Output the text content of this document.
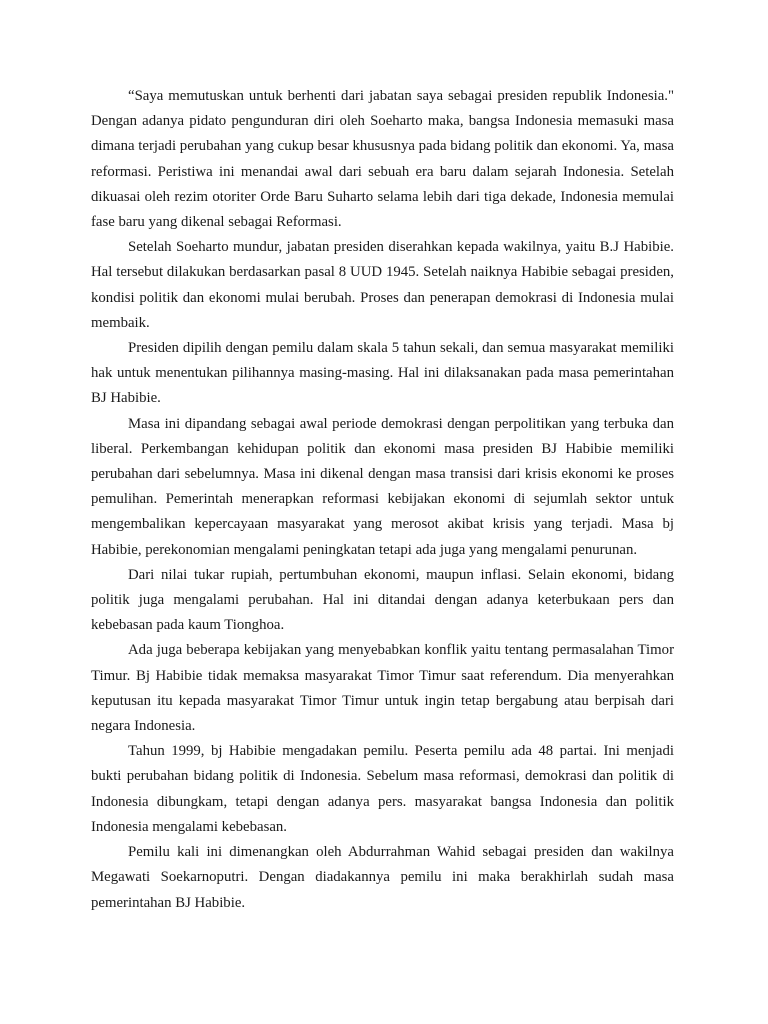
“Saya memutuskan untuk berhenti dari jabatan saya sebagai presiden republik Indonesia." Dengan adanya pidato pengunduran diri oleh Soeharto maka, bangsa Indonesia memasuki masa dimana terjadi perubahan yang cukup besar khususnya pada bidang politik dan ekonomi. Ya, masa reformasi. Peristiwa ini menandai awal dari sebuah era baru dalam sejarah Indonesia. Setelah dikuasai oleh rezim otoriter Orde Baru Suharto selama lebih dari tiga dekade, Indonesia memulai fase baru yang dikenal sebagai Reformasi.

Setelah Soeharto mundur, jabatan presiden diserahkan kepada wakilnya, yaitu B.J Habibie. Hal tersebut dilakukan berdasarkan pasal 8 UUD 1945. Setelah naiknya Habibie sebagai presiden, kondisi politik dan ekonomi mulai berubah. Proses dan penerapan demokrasi di Indonesia mulai membaik.

Presiden dipilih dengan pemilu dalam skala 5 tahun sekali, dan semua masyarakat memiliki hak untuk menentukan pilihannya masing-masing. Hal ini dilaksanakan pada masa pemerintahan BJ Habibie.

Masa ini dipandang sebagai awal periode demokrasi dengan perpolitikan yang terbuka dan liberal. Perkembangan kehidupan politik dan ekonomi masa presiden BJ Habibie memiliki perubahan dari sebelumnya. Masa ini dikenal dengan masa transisi dari krisis ekonomi ke proses pemulihan. Pemerintah menerapkan reformasi kebijakan ekonomi di sejumlah sektor untuk mengembalikan kepercayaan masyarakat yang merosot akibat krisis yang terjadi. Masa bj Habibie, perekonomian mengalami peningkatan tetapi ada juga yang mengalami penurunan.

Dari nilai tukar rupiah, pertumbuhan ekonomi, maupun inflasi. Selain ekonomi, bidang politik juga mengalami perubahan. Hal ini ditandai dengan adanya keterbukaan pers dan kebebasan pada kaum Tionghoa.

Ada juga beberapa kebijakan yang menyebabkan konflik yaitu tentang permasalahan Timor Timur. Bj Habibie tidak memaksa masyarakat Timor Timur saat referendum. Dia menyerahkan keputusan itu kepada masyarakat Timor Timur untuk ingin tetap bergabung atau berpisah dari negara Indonesia.

Tahun 1999, bj Habibie mengadakan pemilu. Peserta pemilu ada 48 partai. Ini menjadi bukti perubahan bidang politik di Indonesia. Sebelum masa reformasi, demokrasi dan politik di Indonesia dibungkam, tetapi dengan adanya pers. masyarakat bangsa Indonesia dan politik Indonesia mengalami kebebasan.

Pemilu kali ini dimenangkan oleh Abdurrahman Wahid sebagai presiden dan wakilnya Megawati Soekarnoputri. Dengan diadakannya pemilu ini maka berakhirlah sudah masa pemerintahan BJ Habibie.
